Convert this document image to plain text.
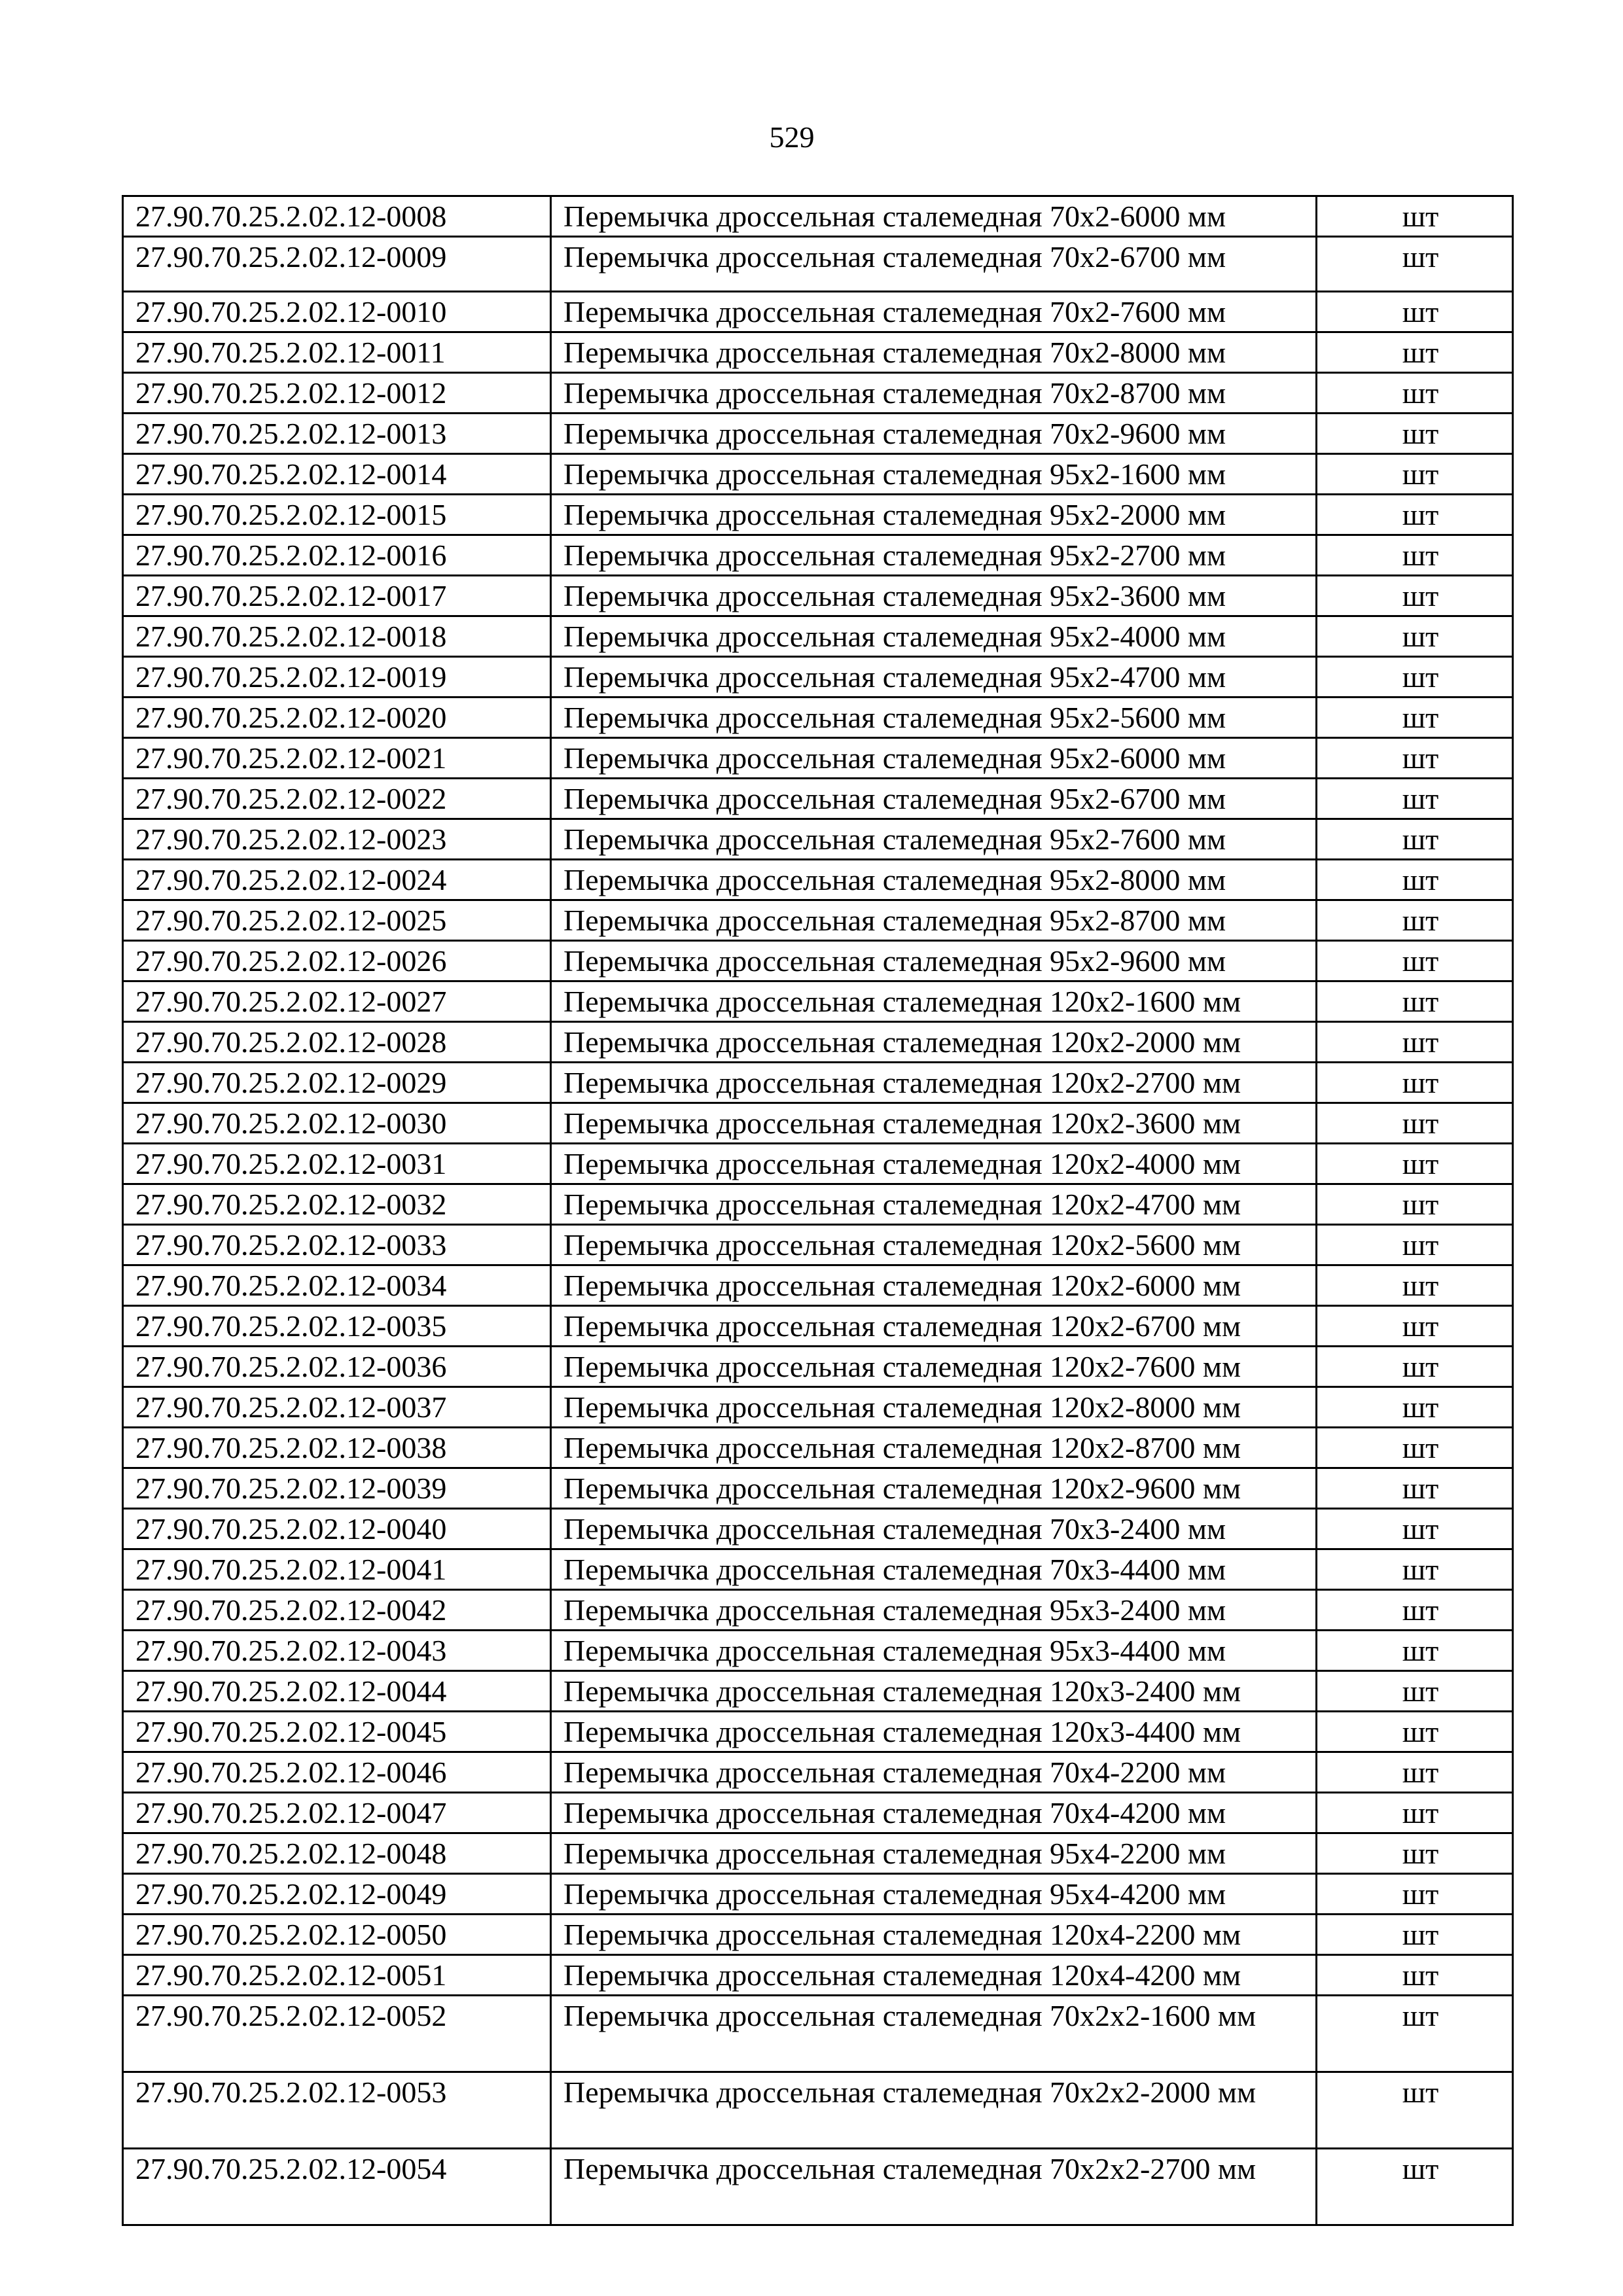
529
27.90.70.25.2.02.12-0008	Перемычка дроссельная сталемедная 70х2-6000 мм	шт
27.90.70.25.2.02.12-0009	Перемычка дроссельная сталемедная 70х2-6700 мм	шт
27.90.70.25.2.02.12-0010	Перемычка дроссельная сталемедная 70х2-7600 мм	шт
27.90.70.25.2.02.12-0011	Перемычка дроссельная сталемедная 70х2-8000 мм	шт
27.90.70.25.2.02.12-0012	Перемычка дроссельная сталемедная 70х2-8700 мм	шт
27.90.70.25.2.02.12-0013	Перемычка дроссельная сталемедная 70х2-9600 мм	шт
27.90.70.25.2.02.12-0014	Перемычка дроссельная сталемедная 95х2-1600 мм	шт
27.90.70.25.2.02.12-0015	Перемычка дроссельная сталемедная 95х2-2000 мм	шт
27.90.70.25.2.02.12-0016	Перемычка дроссельная сталемедная 95х2-2700 мм	шт
27.90.70.25.2.02.12-0017	Перемычка дроссельная сталемедная 95х2-3600 мм	шт
27.90.70.25.2.02.12-0018	Перемычка дроссельная сталемедная 95х2-4000 мм	шт
27.90.70.25.2.02.12-0019	Перемычка дроссельная сталемедная 95х2-4700 мм	шт
27.90.70.25.2.02.12-0020	Перемычка дроссельная сталемедная 95х2-5600 мм	шт
27.90.70.25.2.02.12-0021	Перемычка дроссельная сталемедная 95х2-6000 мм	шт
27.90.70.25.2.02.12-0022	Перемычка дроссельная сталемедная 95х2-6700 мм	шт
27.90.70.25.2.02.12-0023	Перемычка дроссельная сталемедная 95х2-7600 мм	шт
27.90.70.25.2.02.12-0024	Перемычка дроссельная сталемедная 95х2-8000 мм	шт
27.90.70.25.2.02.12-0025	Перемычка дроссельная сталемедная 95х2-8700 мм	шт
27.90.70.25.2.02.12-0026	Перемычка дроссельная сталемедная 95х2-9600 мм	шт
27.90.70.25.2.02.12-0027	Перемычка дроссельная сталемедная 120х2-1600 мм	шт
27.90.70.25.2.02.12-0028	Перемычка дроссельная сталемедная 120х2-2000 мм	шт
27.90.70.25.2.02.12-0029	Перемычка дроссельная сталемедная 120х2-2700 мм	шт
27.90.70.25.2.02.12-0030	Перемычка дроссельная сталемедная 120х2-3600 мм	шт
27.90.70.25.2.02.12-0031	Перемычка дроссельная сталемедная 120х2-4000 мм	шт
27.90.70.25.2.02.12-0032	Перемычка дроссельная сталемедная 120х2-4700 мм	шт
27.90.70.25.2.02.12-0033	Перемычка дроссельная сталемедная 120х2-5600 мм	шт
27.90.70.25.2.02.12-0034	Перемычка дроссельная сталемедная 120х2-6000 мм	шт
27.90.70.25.2.02.12-0035	Перемычка дроссельная сталемедная 120х2-6700 мм	шт
27.90.70.25.2.02.12-0036	Перемычка дроссельная сталемедная 120х2-7600 мм	шт
27.90.70.25.2.02.12-0037	Перемычка дроссельная сталемедная 120х2-8000 мм	шт
27.90.70.25.2.02.12-0038	Перемычка дроссельная сталемедная 120х2-8700 мм	шт
27.90.70.25.2.02.12-0039	Перемычка дроссельная сталемедная 120х2-9600 мм	шт
27.90.70.25.2.02.12-0040	Перемычка дроссельная сталемедная 70х3-2400 мм	шт
27.90.70.25.2.02.12-0041	Перемычка дроссельная сталемедная 70х3-4400 мм	шт
27.90.70.25.2.02.12-0042	Перемычка дроссельная сталемедная 95х3-2400 мм	шт
27.90.70.25.2.02.12-0043	Перемычка дроссельная сталемедная 95х3-4400 мм	шт
27.90.70.25.2.02.12-0044	Перемычка дроссельная сталемедная 120х3-2400 мм	шт
27.90.70.25.2.02.12-0045	Перемычка дроссельная сталемедная 120х3-4400 мм	шт
27.90.70.25.2.02.12-0046	Перемычка дроссельная сталемедная 70х4-2200 мм	шт
27.90.70.25.2.02.12-0047	Перемычка дроссельная сталемедная 70х4-4200 мм	шт
27.90.70.25.2.02.12-0048	Перемычка дроссельная сталемедная 95х4-2200 мм	шт
27.90.70.25.2.02.12-0049	Перемычка дроссельная сталемедная 95х4-4200 мм	шт
27.90.70.25.2.02.12-0050	Перемычка дроссельная сталемедная 120х4-2200 мм	шт
27.90.70.25.2.02.12-0051	Перемычка дроссельная сталемедная 120х4-4200 мм	шт
27.90.70.25.2.02.12-0052	Перемычка дроссельная сталемедная 70х2х2-1600 мм	шт
27.90.70.25.2.02.12-0053	Перемычка дроссельная сталемедная 70х2х2-2000 мм	шт
27.90.70.25.2.02.12-0054	Перемычка дроссельная сталемедная 70х2х2-2700 мм	шт
